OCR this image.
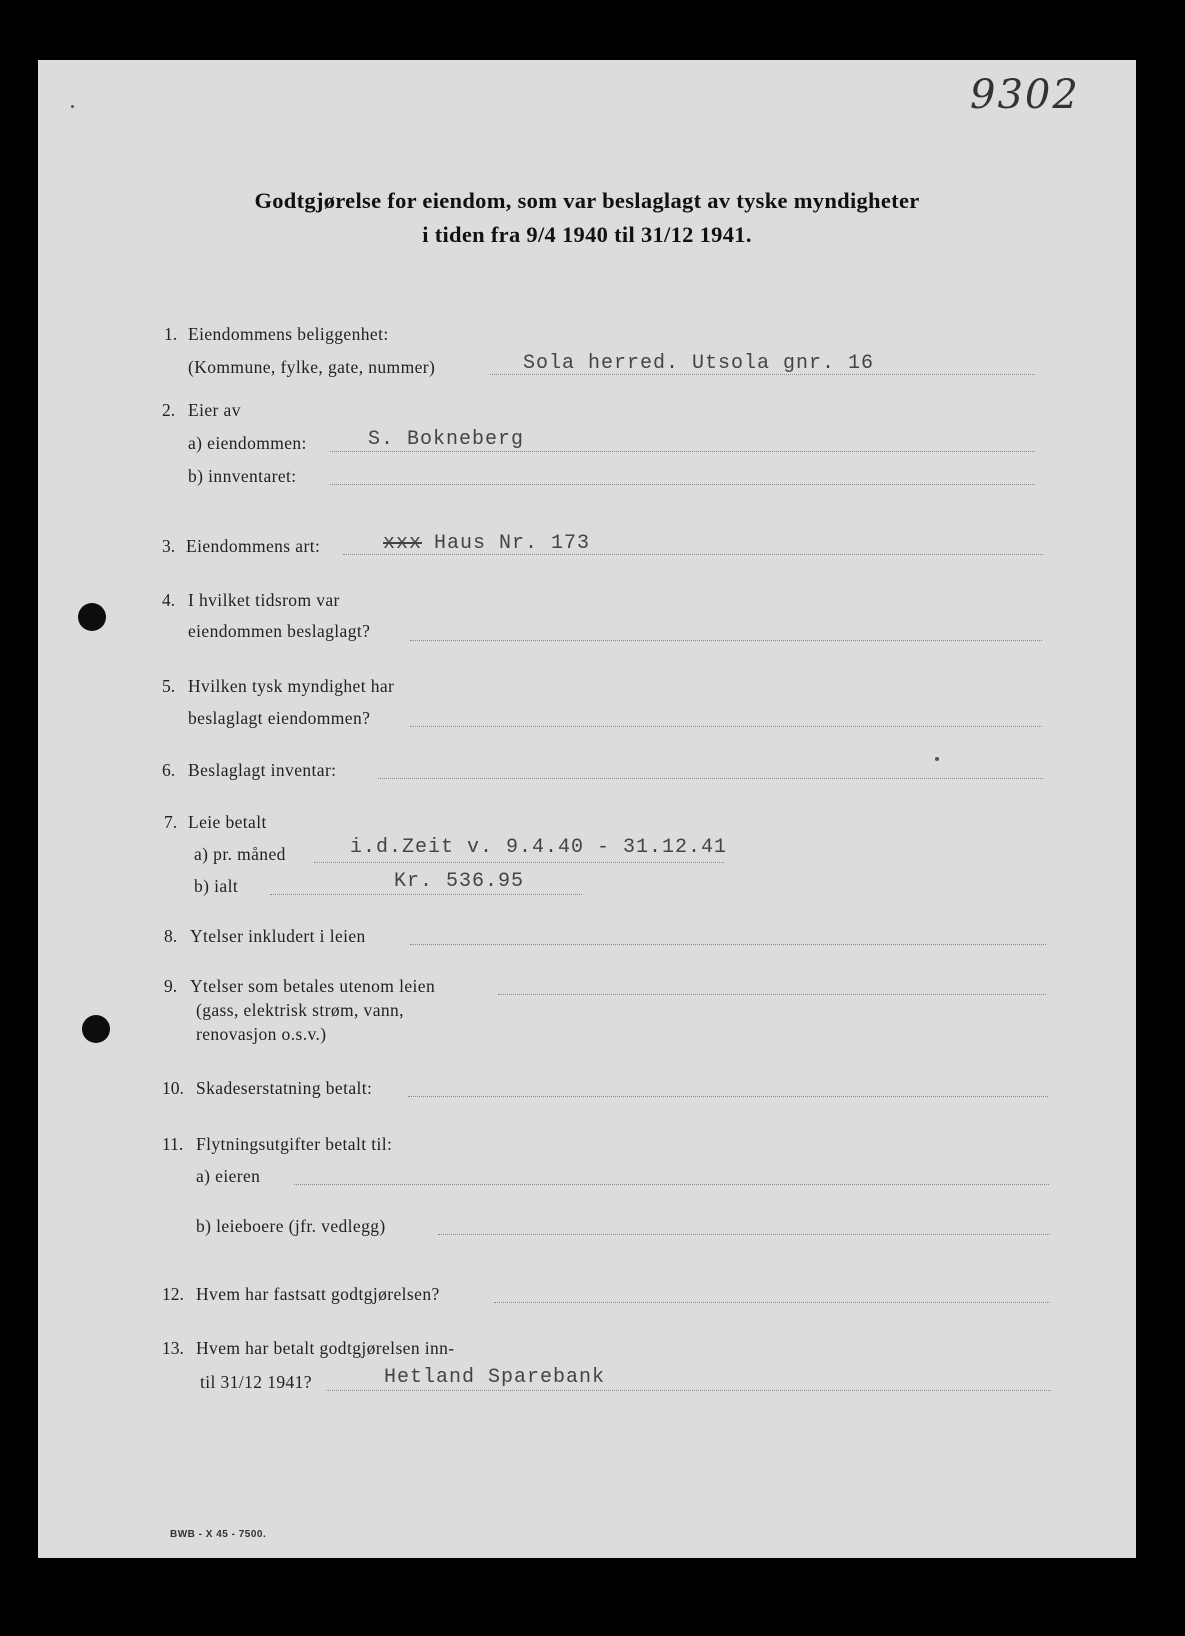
9302
Godtgjørelse for eiendom, som var beslaglagt av tyske myndigheter
i tiden fra 9/4 1940 til 31/12 1941.
1. Eiendommens beliggenhet:
(Kommune, fylke, gate, nummer)	Sola herred. Utsola gnr. 16
2. Eier av
a) eiendommen:	S. Bokneberg
b) innventaret:
3. Eiendommens art:	xxx Haus Nr. 173
4. I hvilket tidsrom var
eiendommen beslaglagt?
5. Hvilken tysk myndighet har
beslaglagt eiendommen?
6. Beslaglagt inventar:
7. Leie betalt
a) pr. måned	i.d.Zeit v. 9.4.40 - 31.12.41
b) ialt	Kr. 536.95
8. Ytelser inkludert i leien
9. Ytelser som betales utenom leien
(gass, elektrisk strøm, vann,
renovasjon o.s.v.)
10. Skadeserstatning betalt:
11. Flytningsutgifter betalt til:
a) eieren
b) leieboere (jfr. vedlegg)
12. Hvem har fastsatt godtgjørelsen?
13. Hvem har betalt godtgjørelsen inn-
til 31/12 1941?	Hetland Sparebank
BWB - X 45 - 7500.
